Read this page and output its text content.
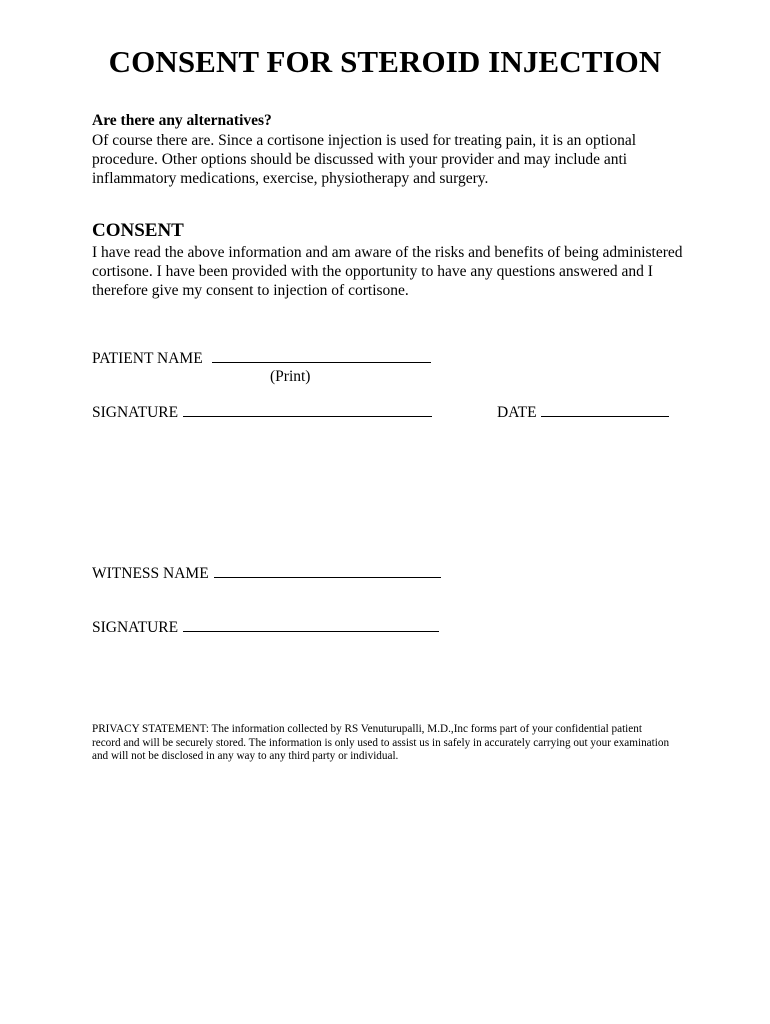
CONSENT FOR STEROID INJECTION

Are there any alternatives?

Of course there are. Since a cortisone injection is used for treating pain, it is an optional

procedure. Other options should be discussed with your provider and may include anti

inflammatory medications, exercise, physiotherapy and surgery.

CONSENT

I have read the above information and am aware of the risks and benefits of being administered

cortisone. I have been provided with the opportunity to have any questions answered and I

therefore give my consent to injection of cortisone.

PATIENT NAME
(Print)
SIGNATURE	DATE
WITNESS NAME
SIGNATURE
PRIVACY STATEMENT: The information collected by RS Venuturupalli, M.D.,Inc forms part of your confidential patient
record and will be securely stored. The information is only used to assist us in safely in accurately carrying out your examination
and will not be disclosed in any way to any third party or individual.
